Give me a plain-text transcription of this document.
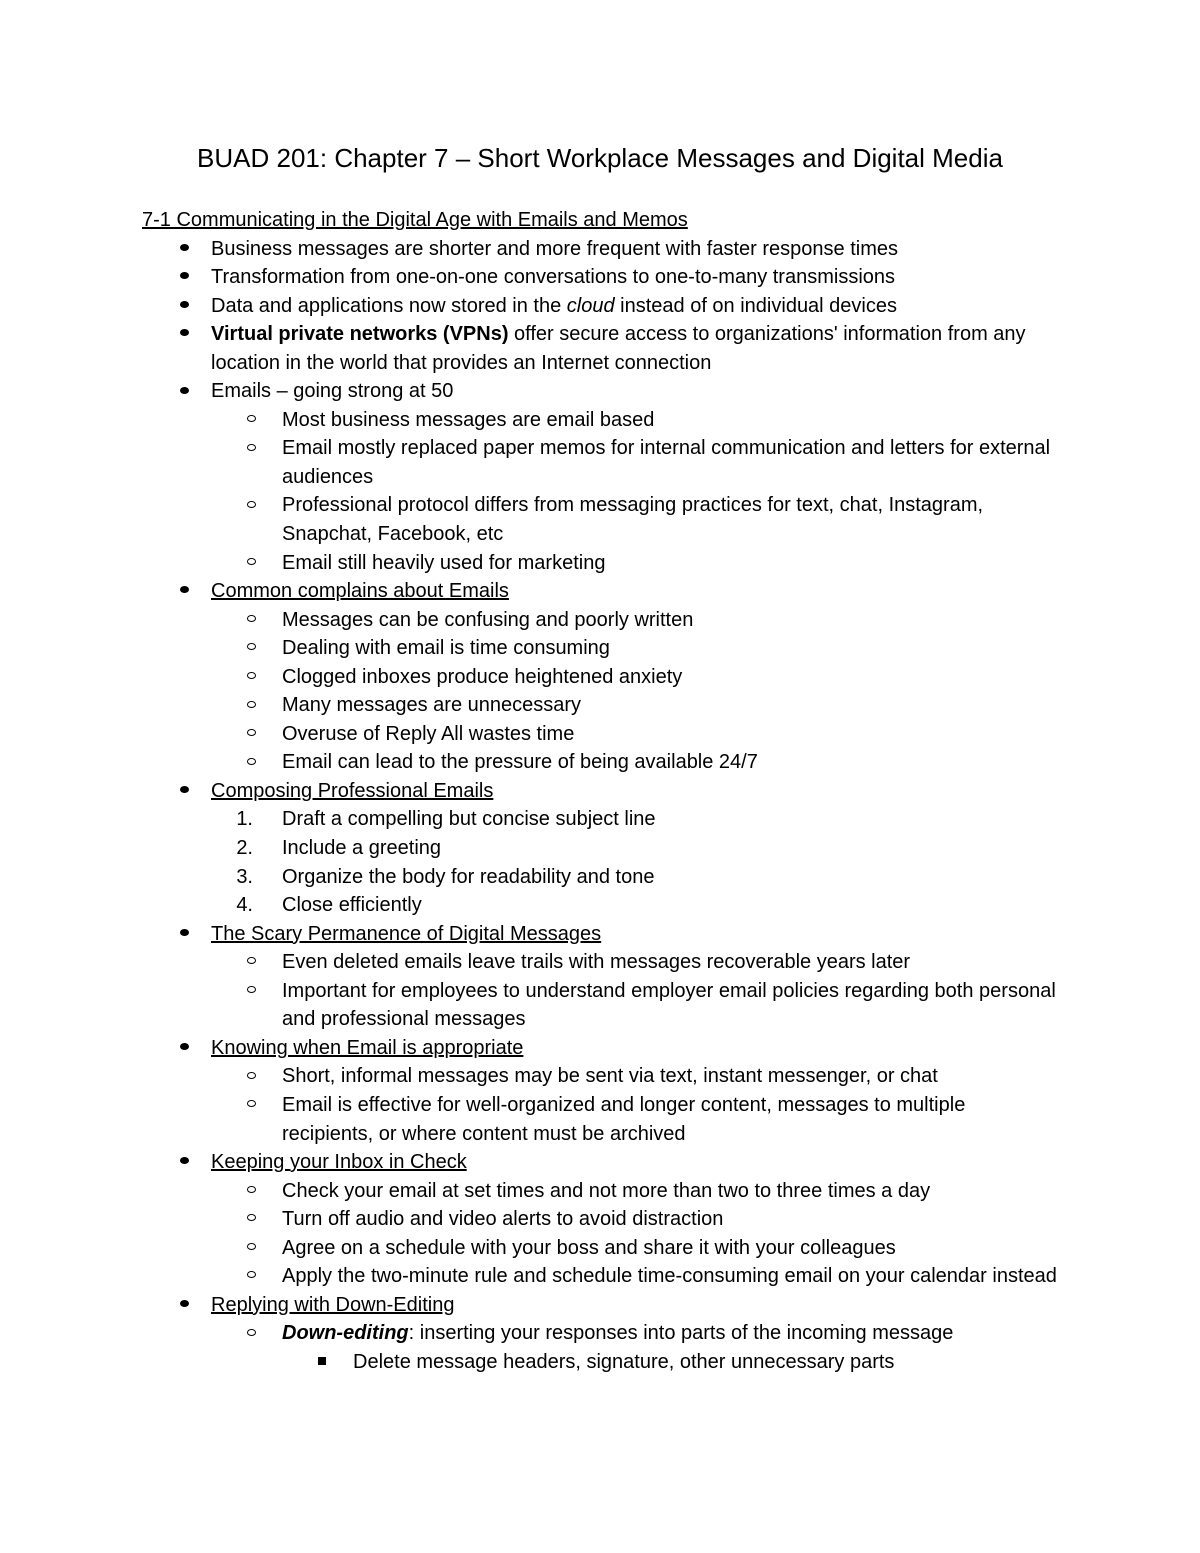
BUAD 201: Chapter 7 – Short Workplace Messages and Digital Media
7-1 Communicating in the Digital Age with Emails and Memos
Business messages are shorter and more frequent with faster response times
Transformation from one-on-one conversations to one-to-many transmissions
Data and applications now stored in the cloud instead of on individual devices
Virtual private networks (VPNs) offer secure access to organizations' information from any location in the world that provides an Internet connection
Emails – going strong at 50
Most business messages are email based
Email mostly replaced paper memos for internal communication and letters for external audiences
Professional protocol differs from messaging practices for text, chat, Instagram, Snapchat, Facebook, etc
Email still heavily used for marketing
Common complains about Emails
Messages can be confusing and poorly written
Dealing with email is time consuming
Clogged inboxes produce heightened anxiety
Many messages are unnecessary
Overuse of Reply All wastes time
Email can lead to the pressure of being available 24/7
Composing Professional Emails
1. Draft a compelling but concise subject line
2. Include a greeting
3. Organize the body for readability and tone
4. Close efficiently
The Scary Permanence of Digital Messages
Even deleted emails leave trails with messages recoverable years later
Important for employees to understand employer email policies regarding both personal and professional messages
Knowing when Email is appropriate
Short, informal messages may be sent via text, instant messenger, or chat
Email is effective for well-organized and longer content, messages to multiple recipients, or where content must be archived
Keeping your Inbox in Check
Check your email at set times and not more than two to three times a day
Turn off audio and video alerts to avoid distraction
Agree on a schedule with your boss and share it with your colleagues
Apply the two-minute rule and schedule time-consuming email on your calendar instead
Replying with Down-Editing
Down-editing: inserting your responses into parts of the incoming message
Delete message headers, signature, other unnecessary parts
